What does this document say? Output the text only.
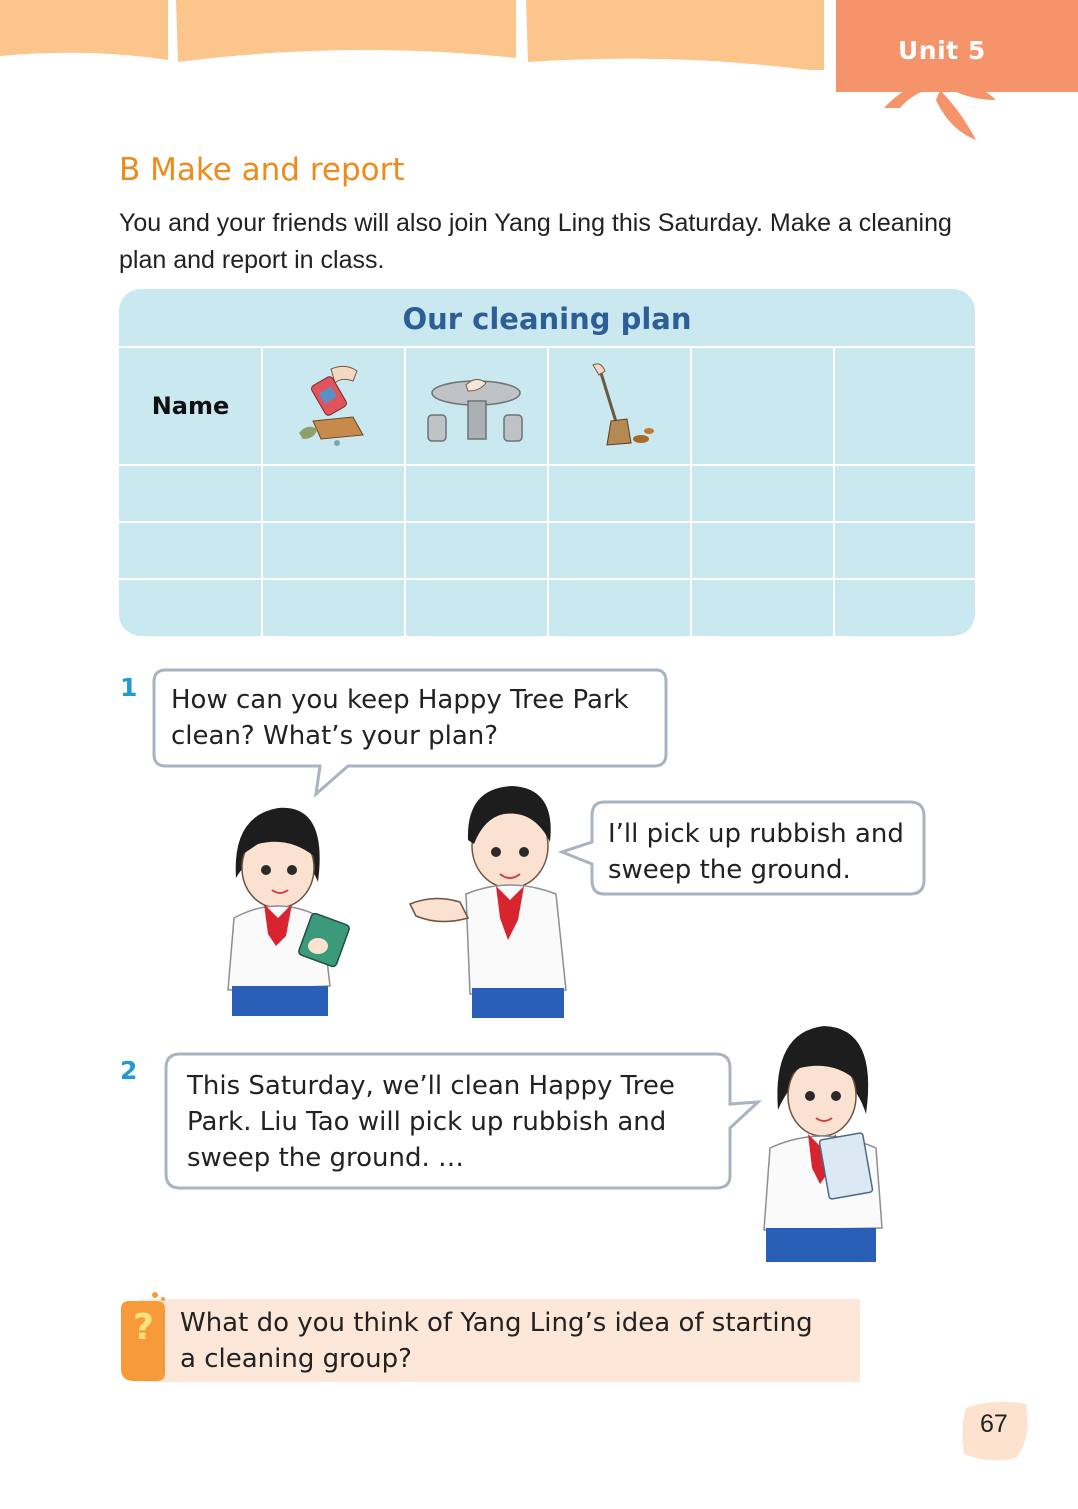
Unit 5
B Make and report
You and your friends will also join Yang Ling this Saturday. Make a cleaning plan and report in class.
Our cleaning plan
Name
1 How can you keep Happy Tree Park
clean? What’s your plan?
I’ll pick up rubbish and
sweep the ground.
2
This Saturday, we’ll clean Happy Tree
Park. Liu Tao will pick up rubbish and
sweep the ground. …
? What do you think of Yang Ling’s idea of starting
a cleaning group?
67
